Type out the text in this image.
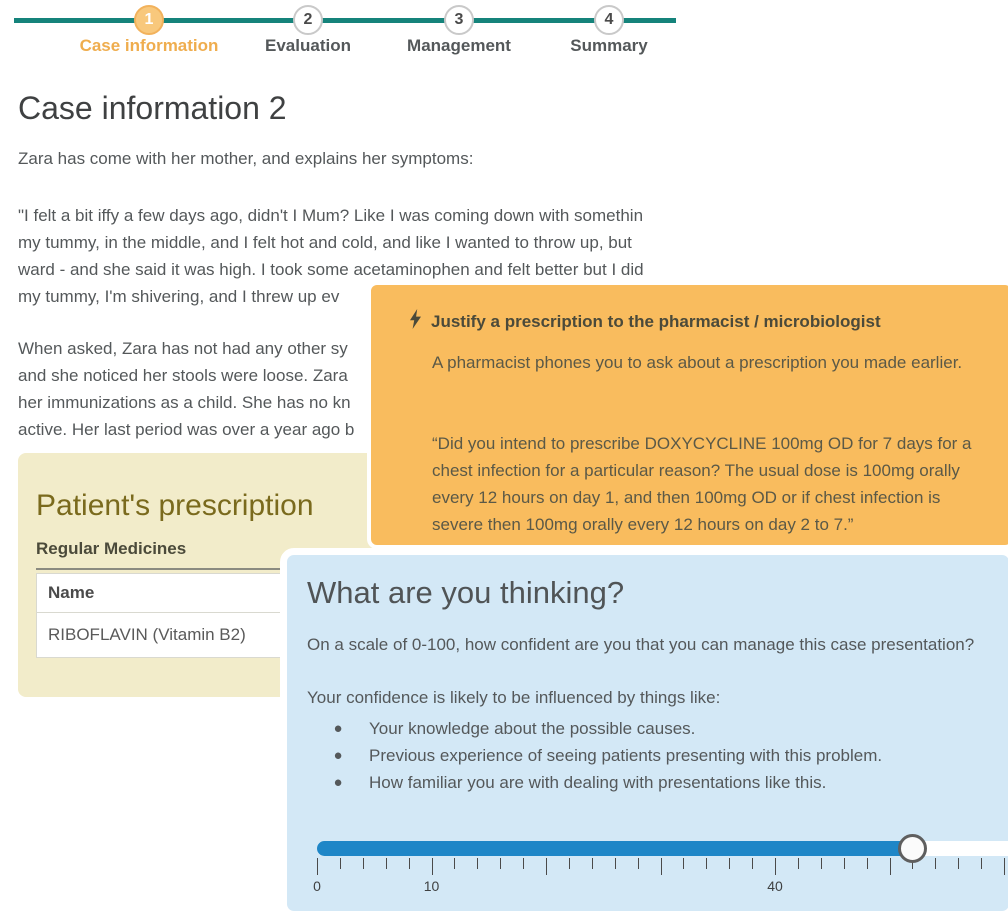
1	2	3	4
Case information	Evaluation	Management	Summary
Case information 2
Zara has come with her mother, and explains her symptoms:
"I felt a bit iffy a few days ago, didn't I Mum? Like I was coming down with somethin
my tummy, in the middle, and I felt hot and cold, and like I wanted to throw up, but
ward - and she said it was high. I took some acetaminophen and felt better but I did
my tummy, I'm shivering, and I threw up ev
When asked, Zara has not had any other sy
and she noticed her stools were loose. Zara
her immunizations as a child. She has no kn
active. Her last period was over a year ago b
Patient's prescription
Regular Medicines
Name
RIBOFLAVIN (Vitamin B2)
Justify a prescription to the pharmacist / microbiologist
A pharmacist phones you to ask about a prescription you made earlier.
“Did you intend to prescribe DOXYCYCLINE 100mg OD for 7 days for a chest infection for a particular reason? The usual dose is 100mg orally every 12 hours on day 1, and then 100mg OD or if chest infection is severe then 100mg orally every 12 hours on day 2 to 7.”
What are you thinking?
On a scale of 0-100, how confident are you that you can manage this case presentation?
Your confidence is likely to be influenced by things like:
●	Your knowledge about the possible causes.
●	Previous experience of seeing patients presenting with this problem.
●	How familiar you are with dealing with presentations like this.
0	10	40
